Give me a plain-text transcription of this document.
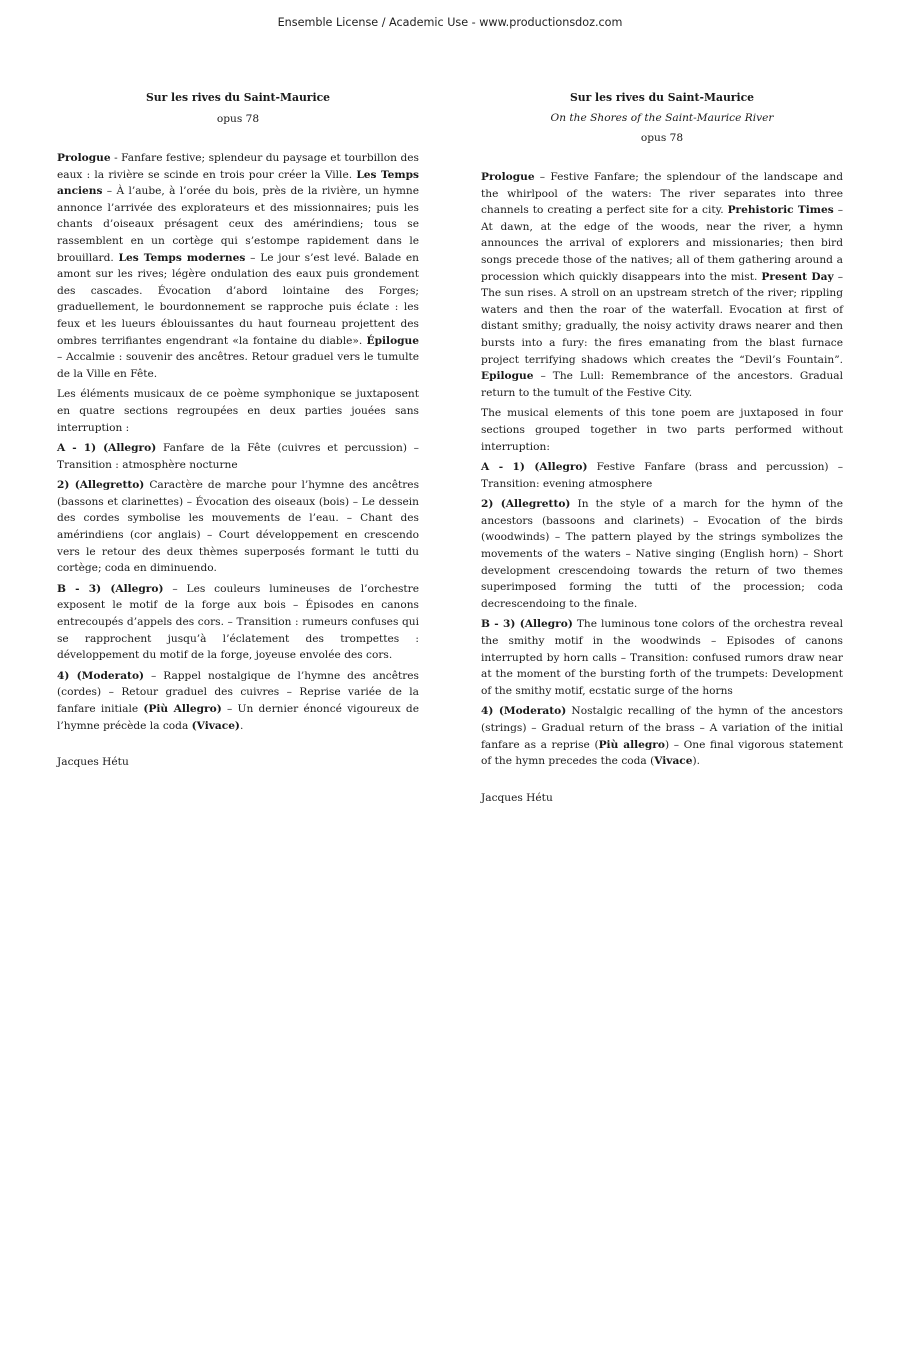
Ensemble License / Academic Use - www.productionsdoz.com
Sur les rives du Saint-Maurice
opus 78

Prologue - Fanfare festive; splendeur du paysage et tourbillon des eaux : la rivière se scinde en trois pour créer la Ville. Les Temps anciens – À l’aube, à l’orée du bois, près de la rivière, un hymne annonce l’arrivée des explorateurs et des missionnaires; puis les chants d’oiseaux présagent ceux des amérindiens; tous se rassemblent en un cortège qui s’estompe rapidement dans le brouillard. Les Temps modernes – Le jour s’est levé. Balade en amont sur les rives; légère ondulation des eaux puis grondement des cascades. Évocation d’abord lointaine des Forges; graduellement, le bourdonnement se rapproche puis éclate : les feux et les lueurs éblouissantes du haut fourneau projettent des ombres terrifiantes engendrant «la fontaine du diable». Épilogue – Accalmie : souvenir des ancêtres. Retour graduel vers le tumulte de la Ville en Fête.

Les éléments musicaux de ce poème symphonique se juxtaposent en quatre sections regroupées en deux parties jouées sans interruption :

A - 1) (Allegro) Fanfare de la Fête (cuivres et percussion) – Transition : atmosphère nocturne

2) (Allegretto) Caractère de marche pour l’hymne des ancêtres (bassons et clarinettes) – Évocation des oiseaux (bois) – Le dessein des cordes symbolise les mouvements de l’eau. – Chant des amérindiens (cor anglais) – Court développement en crescendo vers le retour des deux thèmes superposés formant le tutti du cortège; coda en diminuendo.

B - 3) (Allegro) – Les couleurs lumineuses de l’orchestre exposent le motif de la forge aux bois – Épisodes en canons entrecoupés d’appels des cors. – Transition : rumeurs confuses qui se rapprochent jusqu’à l’éclatement des trompettes : développement du motif de la forge, joyeuse envolée des cors.

4) (Moderato) – Rappel nostalgique de l’hymne des ancêtres (cordes) – Retour graduel des cuivres – Reprise variée de la fanfare initiale (Più Allegro) – Un dernier énoncé vigoureux de l’hymne précède la coda (Vivace).

Jacques Hétu
Sur les rives du Saint-Maurice
On the Shores of the Saint-Maurice River
opus 78

Prologue – Festive Fanfare; the splendour of the landscape and the whirlpool of the waters: The river separates into three channels to creating a perfect site for a city. Prehistoric Times – At dawn, at the edge of the woods, near the river, a hymn announces the arrival of explorers and missionaries; then bird songs precede those of the natives; all of them gathering around a procession which quickly disappears into the mist. Present Day – The sun rises. A stroll on an upstream stretch of the river; rippling waters and then the roar of the waterfall. Evocation at first of distant smithy; gradually, the noisy activity draws nearer and then bursts into a fury: the fires emanating from the blast furnace project terrifying shadows which creates the “Devil’s Fountain”. Epilogue – The Lull: Remembrance of the ancestors. Gradual return to the tumult of the Festive City.

The musical elements of this tone poem are juxtaposed in four sections grouped together in two parts performed without interruption:

A - 1) (Allegro) Festive Fanfare (brass and percussion) – Transition: evening atmosphere

2) (Allegretto) In the style of a march for the hymn of the ancestors (bassoons and clarinets) – Evocation of the birds (woodwinds) – The pattern played by the strings symbolizes the movements of the waters – Native singing (English horn) – Short development crescendoing towards the return of two themes superimposed forming the tutti of the procession; coda decrescendoing to the finale.

B - 3) (Allegro) The luminous tone colors of the orchestra reveal the smithy motif in the woodwinds – Episodes of canons interrupted by horn calls – Transition: confused rumors draw near at the moment of the bursting forth of the trumpets: Development of the smithy motif, ecstatic surge of the horns

4) (Moderato) Nostalgic recalling of the hymn of the ancestors (strings) – Gradual return of the brass – A variation of the initial fanfare as a reprise (Più allegro) – One final vigorous statement of the hymn precedes the coda (Vivace).

Jacques Hétu
